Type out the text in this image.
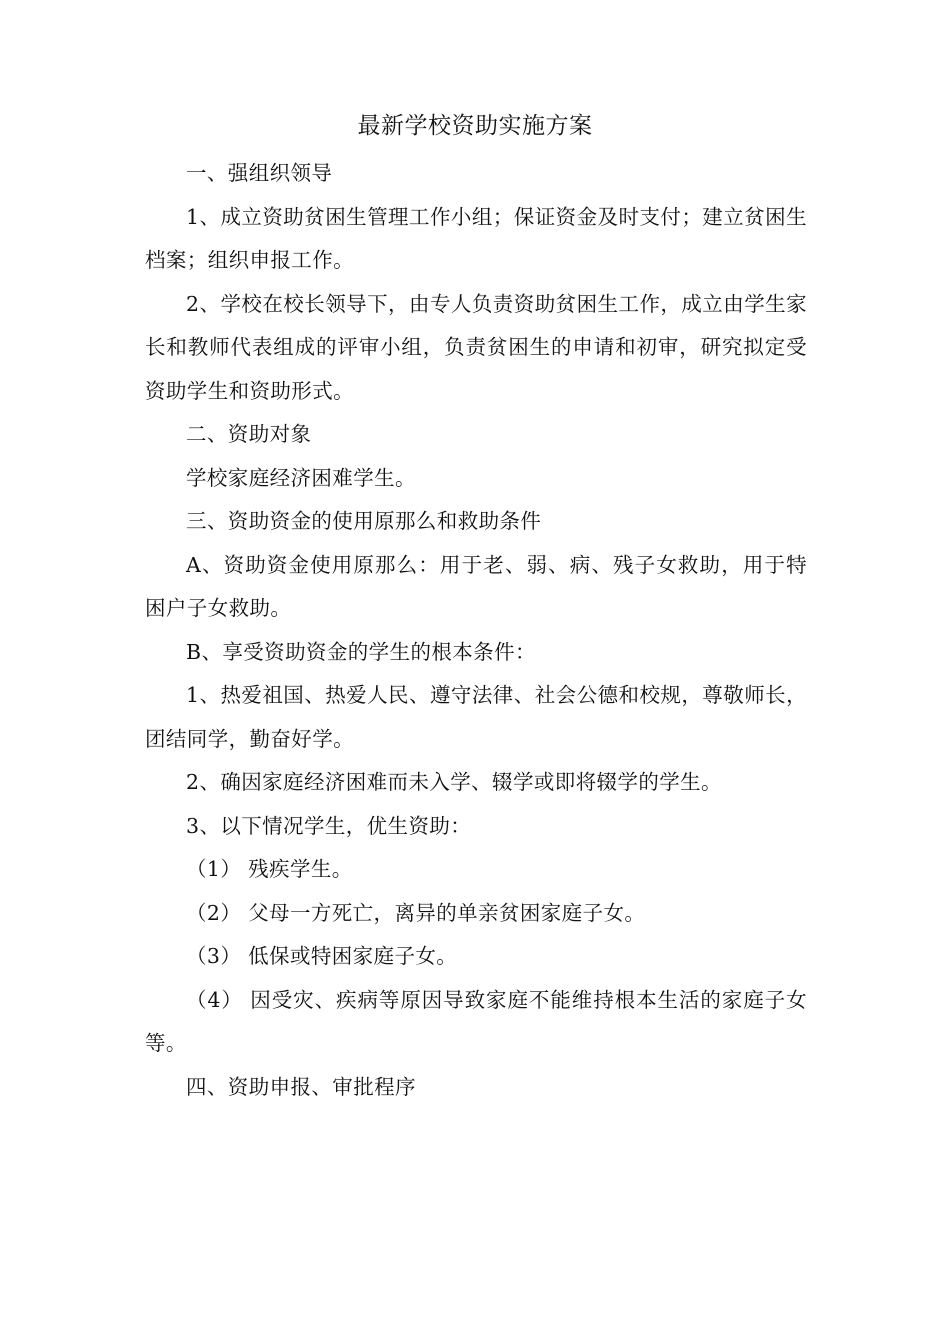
最新学校资助实施方案

一、强组织领导

1、成立资助贫困生管理工作小组；保证资金及时支付；建立贫困生档案；组织申报工作。

2、学校在校长领导下，由专人负责资助贫困生工作，成立由学生家长和教师代表组成的评审小组，负责贫困生的申请和初审，研究拟定受资助学生和资助形式。

二、资助对象

学校家庭经济困难学生。

三、资助资金的使用原那么和救助条件

A、资助资金使用原那么：用于老、弱、病、残子女救助，用于特困户子女救助。

B、享受资助资金的学生的根本条件：

1、热爱祖国、热爱人民、遵守法律、社会公德和校规，尊敬师长，团结同学，勤奋好学。

2、确因家庭经济困难而未入学、辍学或即将辍学的学生。

3、以下情况学生，优生资助：

（1） 残疾学生。

（2） 父母一方死亡，离异的单亲贫困家庭子女。

（3） 低保或特困家庭子女。

（4） 因受灾、疾病等原因导致家庭不能维持根本生活的家庭子女等。

四、资助申报、审批程序
